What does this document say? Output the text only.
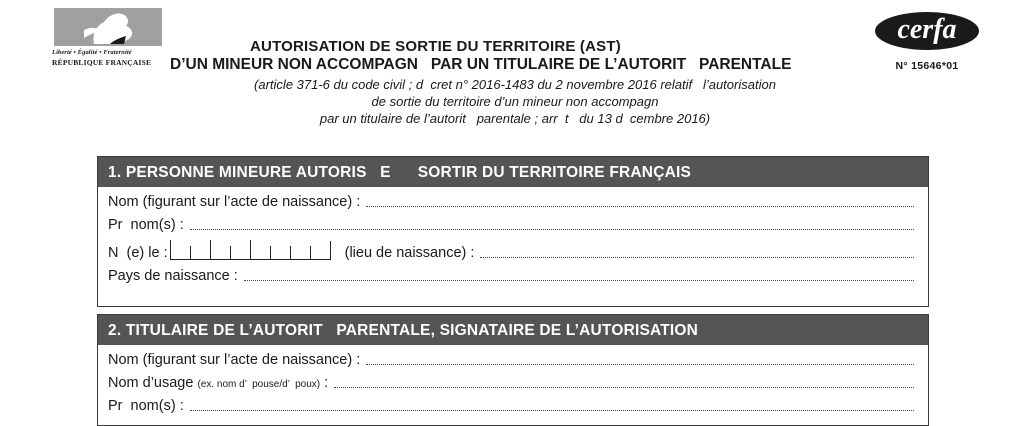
Liberté • Égalité • Fraternité
RÉPUBLIQUE FRANÇAISE
AUTORISATION DE SORTIE DU TERRITOIRE (AST)
D’UN MINEUR NON ACCOMPAGN   PAR UN TITULAIRE DE L’AUTORIT   PARENTALE
(article 371-6 du code civil ; d  cret n° 2016-1483 du 2 novembre 2016 relatif   l’autorisation
de sortie du territoire d’un mineur non accompagn
par un titulaire de l’autorit   parentale ; arr  t   du 13 d  cembre 2016)
cerfa
N° 15646*01
1. PERSONNE MINEURE AUTORIS   E      SORTIR DU TERRITOIRE FRANÇAIS
Nom (figurant sur l’acte de naissance) :
Pr  nom(s) :
N  (e) le :	(lieu de naissance) :
Pays de naissance :
2. TITULAIRE DE L’AUTORIT   PARENTALE, SIGNATAIRE DE L’AUTORISATION
Nom (figurant sur l’acte de naissance) :
Nom d’usage (ex. nom d’  pouse/d’  poux) :
Pr  nom(s) :
